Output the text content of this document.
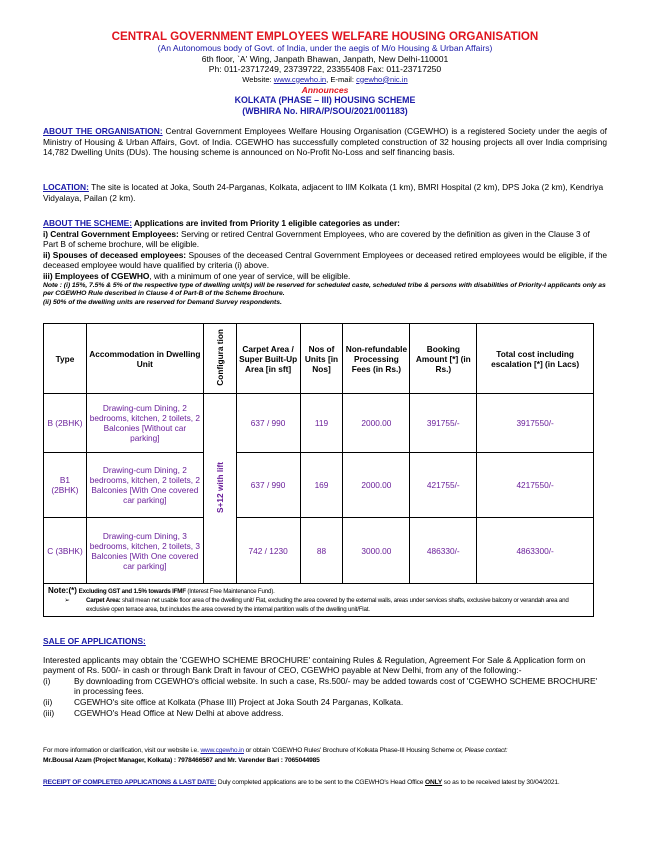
CENTRAL GOVERNMENT EMPLOYEES WELFARE HOUSING ORGANISATION
(An Autonomous body of Govt. of India, under the aegis of M/o Housing & Urban Affairs)
6th floor, `A' Wing, Janpath Bhawan, Janpath, New Delhi-110001
Ph: 011-23717249, 23739722, 23355408 Fax: 011-23717250
Website: www.cgewho.in, E-mail: cgewho@nic.in
Announces
KOLKATA (PHASE – III) HOUSING SCHEME
(WBHIRA No. HIRA/P/SOU/2021/001183)
ABOUT THE ORGANISATION: Central Government Employees Welfare Housing Organisation (CGEWHO) is a registered Society under the aegis of Ministry of Housing & Urban Affairs, Govt. of India. CGEWHO has successfully completed construction of 32 housing projects all over India comprising 14,782 Dwelling Units (DUs). The housing scheme is announced on No-Profit No-Loss and self financing basis.
LOCATION: The site is located at Joka, South 24-Parganas, Kolkata, adjacent to IIM Kolkata (1 km), BMRI Hospital (2 km), DPS Joka (2 km), Kendriya Vidyalaya, Pailan (2 km).
ABOUT THE SCHEME: Applications are invited from Priority 1 eligible categories as under:
i) Central Government Employees: Serving or retired Central Government Employees, who are covered by the definition as given in the Clause 3 of Part B of scheme brochure, will be eligible.
ii) Spouses of deceased employees: Spouses of the deceased Central Government Employees or deceased retired employees would be eligible, if the deceased employee would have qualified by criteria (i) above.
iii) Employees of CGEWHO, with a minimum of one year of service, will be eligible.
Note : (i) 15%, 7.5% & 5% of the respective type of dwelling unit(s) will be reserved for scheduled caste, scheduled tribe & persons with disabilities of Priority-I applicants only as per CGEWHO Rule described in Clause 4 of Part-B of the Scheme Brochure.
(ii) 50% of the dwelling units are reserved for Demand Survey respondents.
Type	Accommodation in Dwelling Unit	Configura tion	Carpet Area / Super Built-Up Area [in sft]	Nos of Units [in Nos]	Non-refundable Processing Fees (in Rs.)	Booking Amount [*] (in Rs.)	Total cost including escalation [*] (in Lacs)
B (2BHK)	Drawing-cum Dining, 2 bedrooms, kitchen, 2 toilets, 2 Balconies [Without car parking]	S+12 with lift	637 / 990	119	2000.00	391755/-	3917550/-
B1 (2BHK)	Drawing-cum Dining, 2 bedrooms, kitchen, 2 toilets, 2 Balconies [With One covered car parking]		637 / 990	169	2000.00	421755/-	4217550/-
C (3BHK)	Drawing-cum Dining, 3 bedrooms, kitchen, 2 toilets, 3 Balconies [With One covered car parking]		742 / 1230	88	3000.00	486330/-	4863300/-

Note:(*) Excluding GST and 1.5% towards IFMF (Interest Free Maintenance Fund).
➢ Carpet Area: shall mean net usable floor area of the dwelling unit/ Flat, excluding the area covered by the external walls, areas under services shafts, exclusive balcony or verandah area and exclusive open terrace area, but includes the area covered by the internal partition walls of the dwelling unit/Flat.							
SALE OF APPLICATIONS:
Interested applicants may obtain the 'CGEWHO SCHEME BROCHURE' containing Rules & Regulation, Agreement For Sale & Application form on payment of Rs. 500/- in cash or through Bank Draft in favour of CEO, CGEWHO payable at New Delhi, from any of the following:-
(i)	By downloading from CGEWHO's official website. In such a case, Rs.500/- may be added towards cost of 'CGEWHO SCHEME BROCHURE' in processing fees.
(ii)	CGEWHO's site office at Kolkata (Phase III) Project at Joka South 24 Parganas, Kolkata.
(iii)	CGEWHO's Head Office at New Delhi at above address.
For more information or clarification, visit our website i.e. www.cgewho.in or obtain 'CGEWHO Rules' Brochure of Kolkata Phase-III Housing Scheme or, Please contact:
Mr.Bousal Azam (Project Manager, Kolkata) : 7978466567 and Mr. Varender Bari : 7065044985
RECEIPT OF COMPLETED APPLICATIONS & LAST DATE: Duly completed applications are to be sent to the CGEWHO's Head Office ONLY so as to be received latest by 30/04/2021.
